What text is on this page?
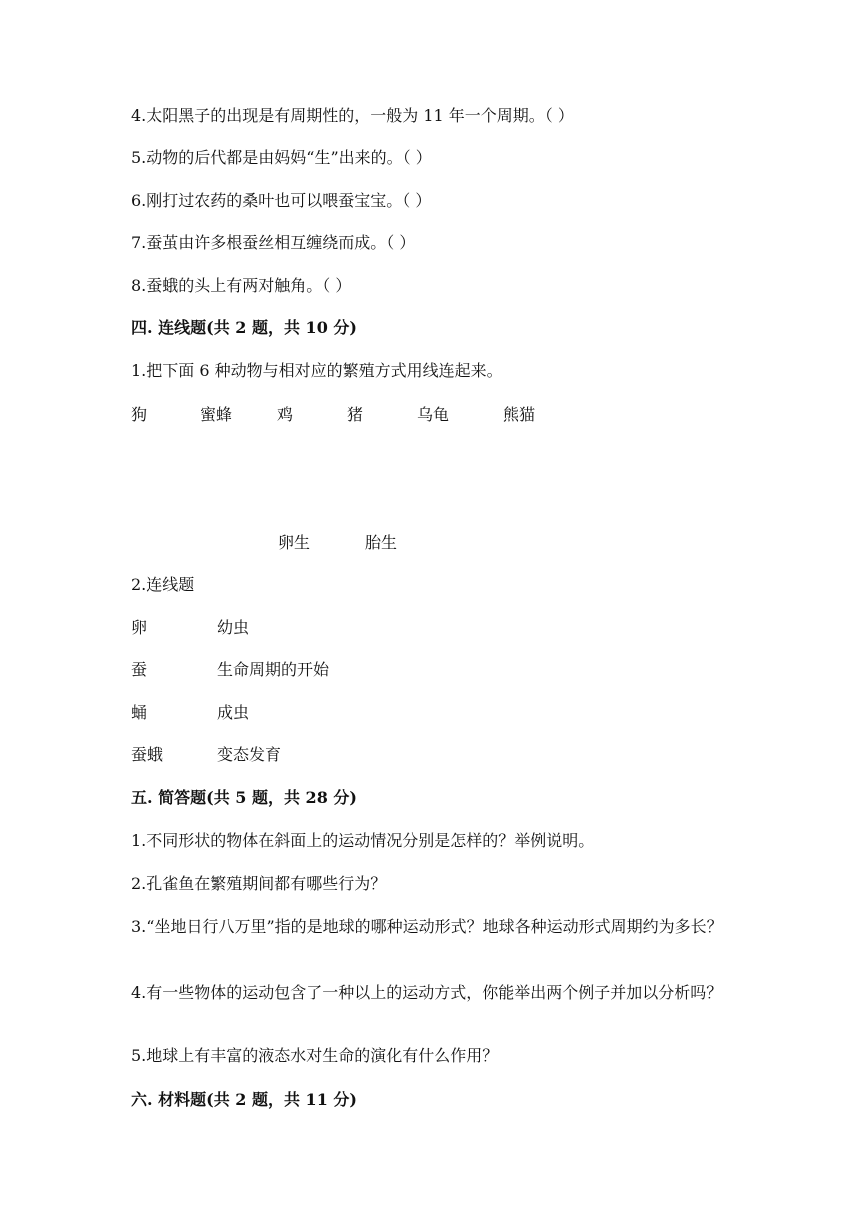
4.太阳黑子的出现是有周期性的，一般为 11 年一个周期。（ ）
5.动物的后代都是由妈妈“生”出来的。（ ）
6.刚打过农药的桑叶也可以喂蚕宝宝。（ ）
7.蚕茧由许多根蚕丝相互缠绕而成。（ ）
8.蚕蛾的头上有两对触角。（ ）
四. 连线题(共 2 题，共 10 分)
1.把下面 6 种动物与相对应的繁殖方式用线连起来。
狗	蜜蜂	鸡	猪	乌龟	熊猫
卵生	胎生
2.连线题
卵	幼虫
蚕	生命周期的开始
蛹	成虫
蚕蛾	变态发育
五. 简答题(共 5 题，共 28 分)
1.不同形状的物体在斜面上的运动情况分别是怎样的？举例说明。
2.孔雀鱼在繁殖期间都有哪些行为？
3.“坐地日行八万里”指的是地球的哪种运动形式？地球各种运动形式周期约为多长？
4.有一些物体的运动包含了一种以上的运动方式，你能举出两个例子并加以分析吗？
5.地球上有丰富的液态水对生命的演化有什么作用？
六. 材料题(共 2 题，共 11 分)
